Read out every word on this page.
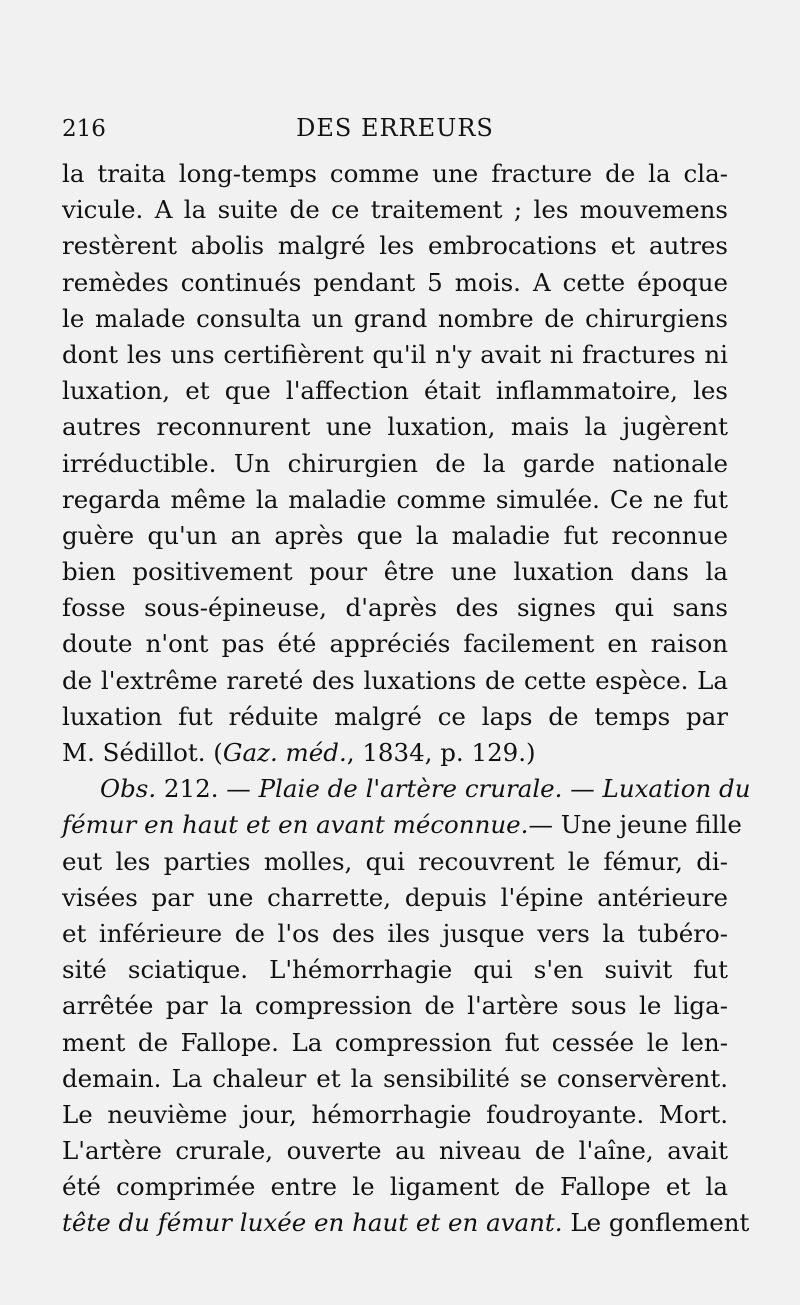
216	DES ERREURS
la traita long-temps comme une fracture de la cla-
vicule. A la suite de ce traitement ; les mouvemens
restèrent abolis malgré les embrocations et autres
remèdes continués pendant 5 mois. A cette époque
le malade consulta un grand nombre de chirurgiens
dont les uns certifièrent qu'il n'y avait ni fractures ni
luxation, et que l'affection était inflammatoire, les
autres reconnurent une luxation, mais la jugèrent
irréductible. Un chirurgien de la garde nationale
regarda même la maladie comme simulée. Ce ne fut
guère qu'un an après que la maladie fut reconnue
bien positivement pour être une luxation dans la
fosse sous-épineuse, d'après des signes qui sans
doute n'ont pas été appréciés facilement en raison
de l'extrême rareté des luxations de cette espèce. La
luxation fut réduite malgré ce laps de temps par
M. Sédillot. (Gaz. méd., 1834, p. 129.)
Obs. 212. — Plaie de l'artère crurale. — Luxation du
fémur en haut et en avant méconnue.— Une jeune fille
eut les parties molles, qui recouvrent le fémur, di-
visées par une charrette, depuis l'épine antérieure
et inférieure de l'os des iles jusque vers la tubéro-
sité sciatique. L'hémorrhagie qui s'en suivit fut
arrêtée par la compression de l'artère sous le liga-
ment de Fallope. La compression fut cessée le len-
demain. La chaleur et la sensibilité se conservèrent.
Le neuvième jour, hémorrhagie foudroyante. Mort.
L'artère crurale, ouverte au niveau de l'aîne, avait
été comprimée entre le ligament de Fallope et la
tête du fémur luxée en haut et en avant. Le gonflement
